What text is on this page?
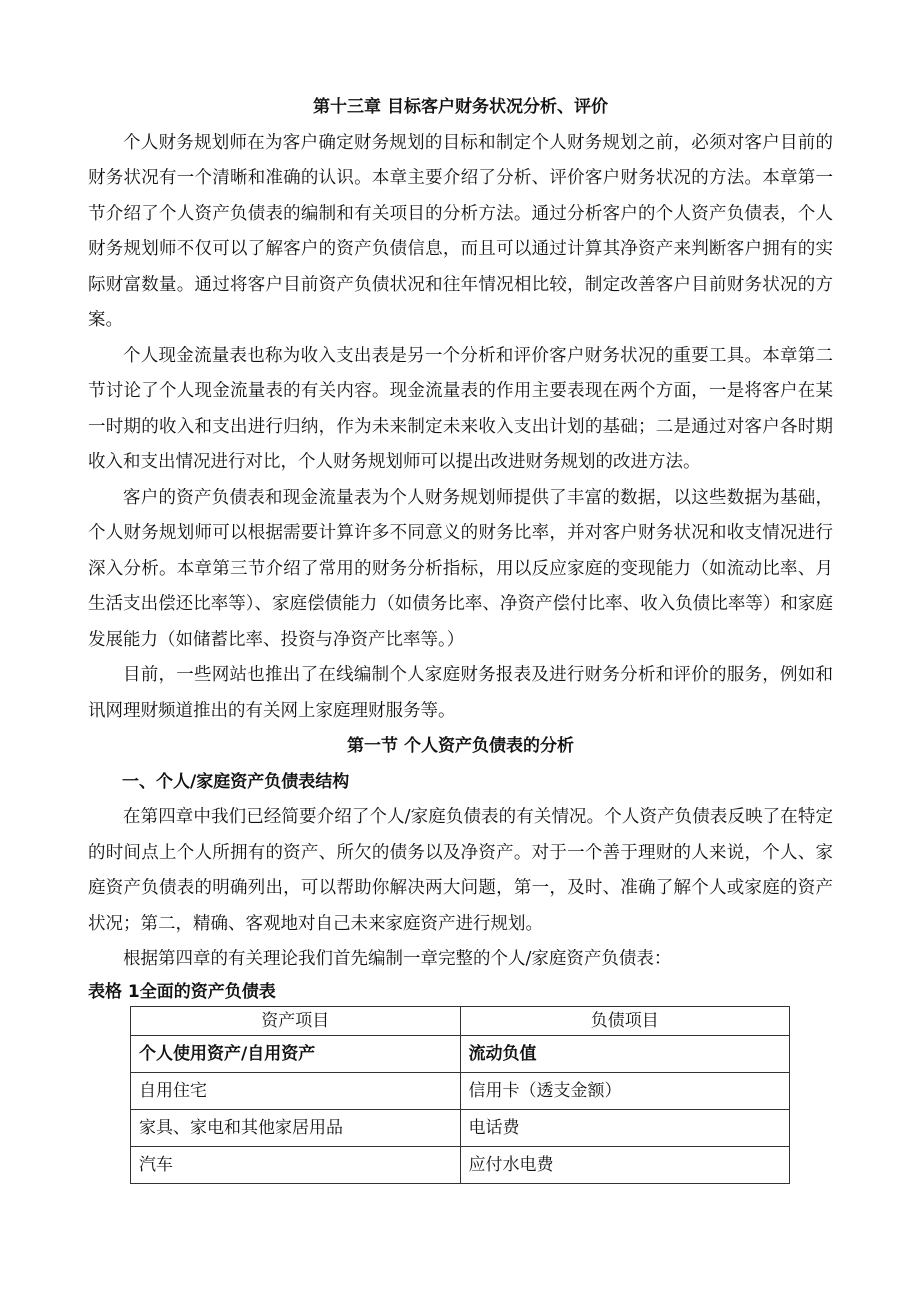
第十三章 目标客户财务状况分析、评价

个人财务规划师在为客户确定财务规划的目标和制定个人财务规划之前，必须对客户目前的财务状况有一个清晰和准确的认识。本章主要介绍了分析、评价客户财务状况的方法。本章第一节介绍了个人资产负债表的编制和有关项目的分析方法。通过分析客户的个人资产负债表，个人财务规划师不仅可以了解客户的资产负债信息，而且可以通过计算其净资产来判断客户拥有的实际财富数量。通过将客户目前资产负债状况和往年情况相比较，制定改善客户目前财务状况的方案。

个人现金流量表也称为收入支出表是另一个分析和评价客户财务状况的重要工具。本章第二节讨论了个人现金流量表的有关内容。现金流量表的作用主要表现在两个方面，一是将客户在某一时期的收入和支出进行归纳，作为未来制定未来收入支出计划的基础；二是通过对客户各时期收入和支出情况进行对比，个人财务规划师可以提出改进财务规划的改进方法。

客户的资产负债表和现金流量表为个人财务规划师提供了丰富的数据，以这些数据为基础，个人财务规划师可以根据需要计算许多不同意义的财务比率，并对客户财务状况和收支情况进行深入分析。本章第三节介绍了常用的财务分析指标，用以反应家庭的变现能力（如流动比率、月生活支出偿还比率等）、家庭偿债能力（如债务比率、净资产偿付比率、收入负债比率等）和家庭发展能力（如储蓄比率、投资与净资产比率等。）

目前，一些网站也推出了在线编制个人家庭财务报表及进行财务分析和评价的服务，例如和讯网理财频道推出的有关网上家庭理财服务等。

第一节 个人资产负债表的分析
一、个人/家庭资产负债表结构

在第四章中我们已经简要介绍了个人/家庭负债表的有关情况。个人资产负债表反映了在特定的时间点上个人所拥有的资产、所欠的债务以及净资产。对于一个善于理财的人来说，个人、家庭资产负债表的明确列出，可以帮助你解决两大问题，第一，及时、准确了解个人或家庭的资产状况；第二，精确、客观地对自己未来家庭资产进行规划。

根据第四章的有关理论我们首先编制一章完整的个人/家庭资产负债表：

表格 1全面的资产负债表
资产项目	负债项目
个人使用资产/自用资产	流动负值
自用住宅	信用卡（透支金额）
家具、家电和其他家居用品	电话费
汽车	应付水电费
